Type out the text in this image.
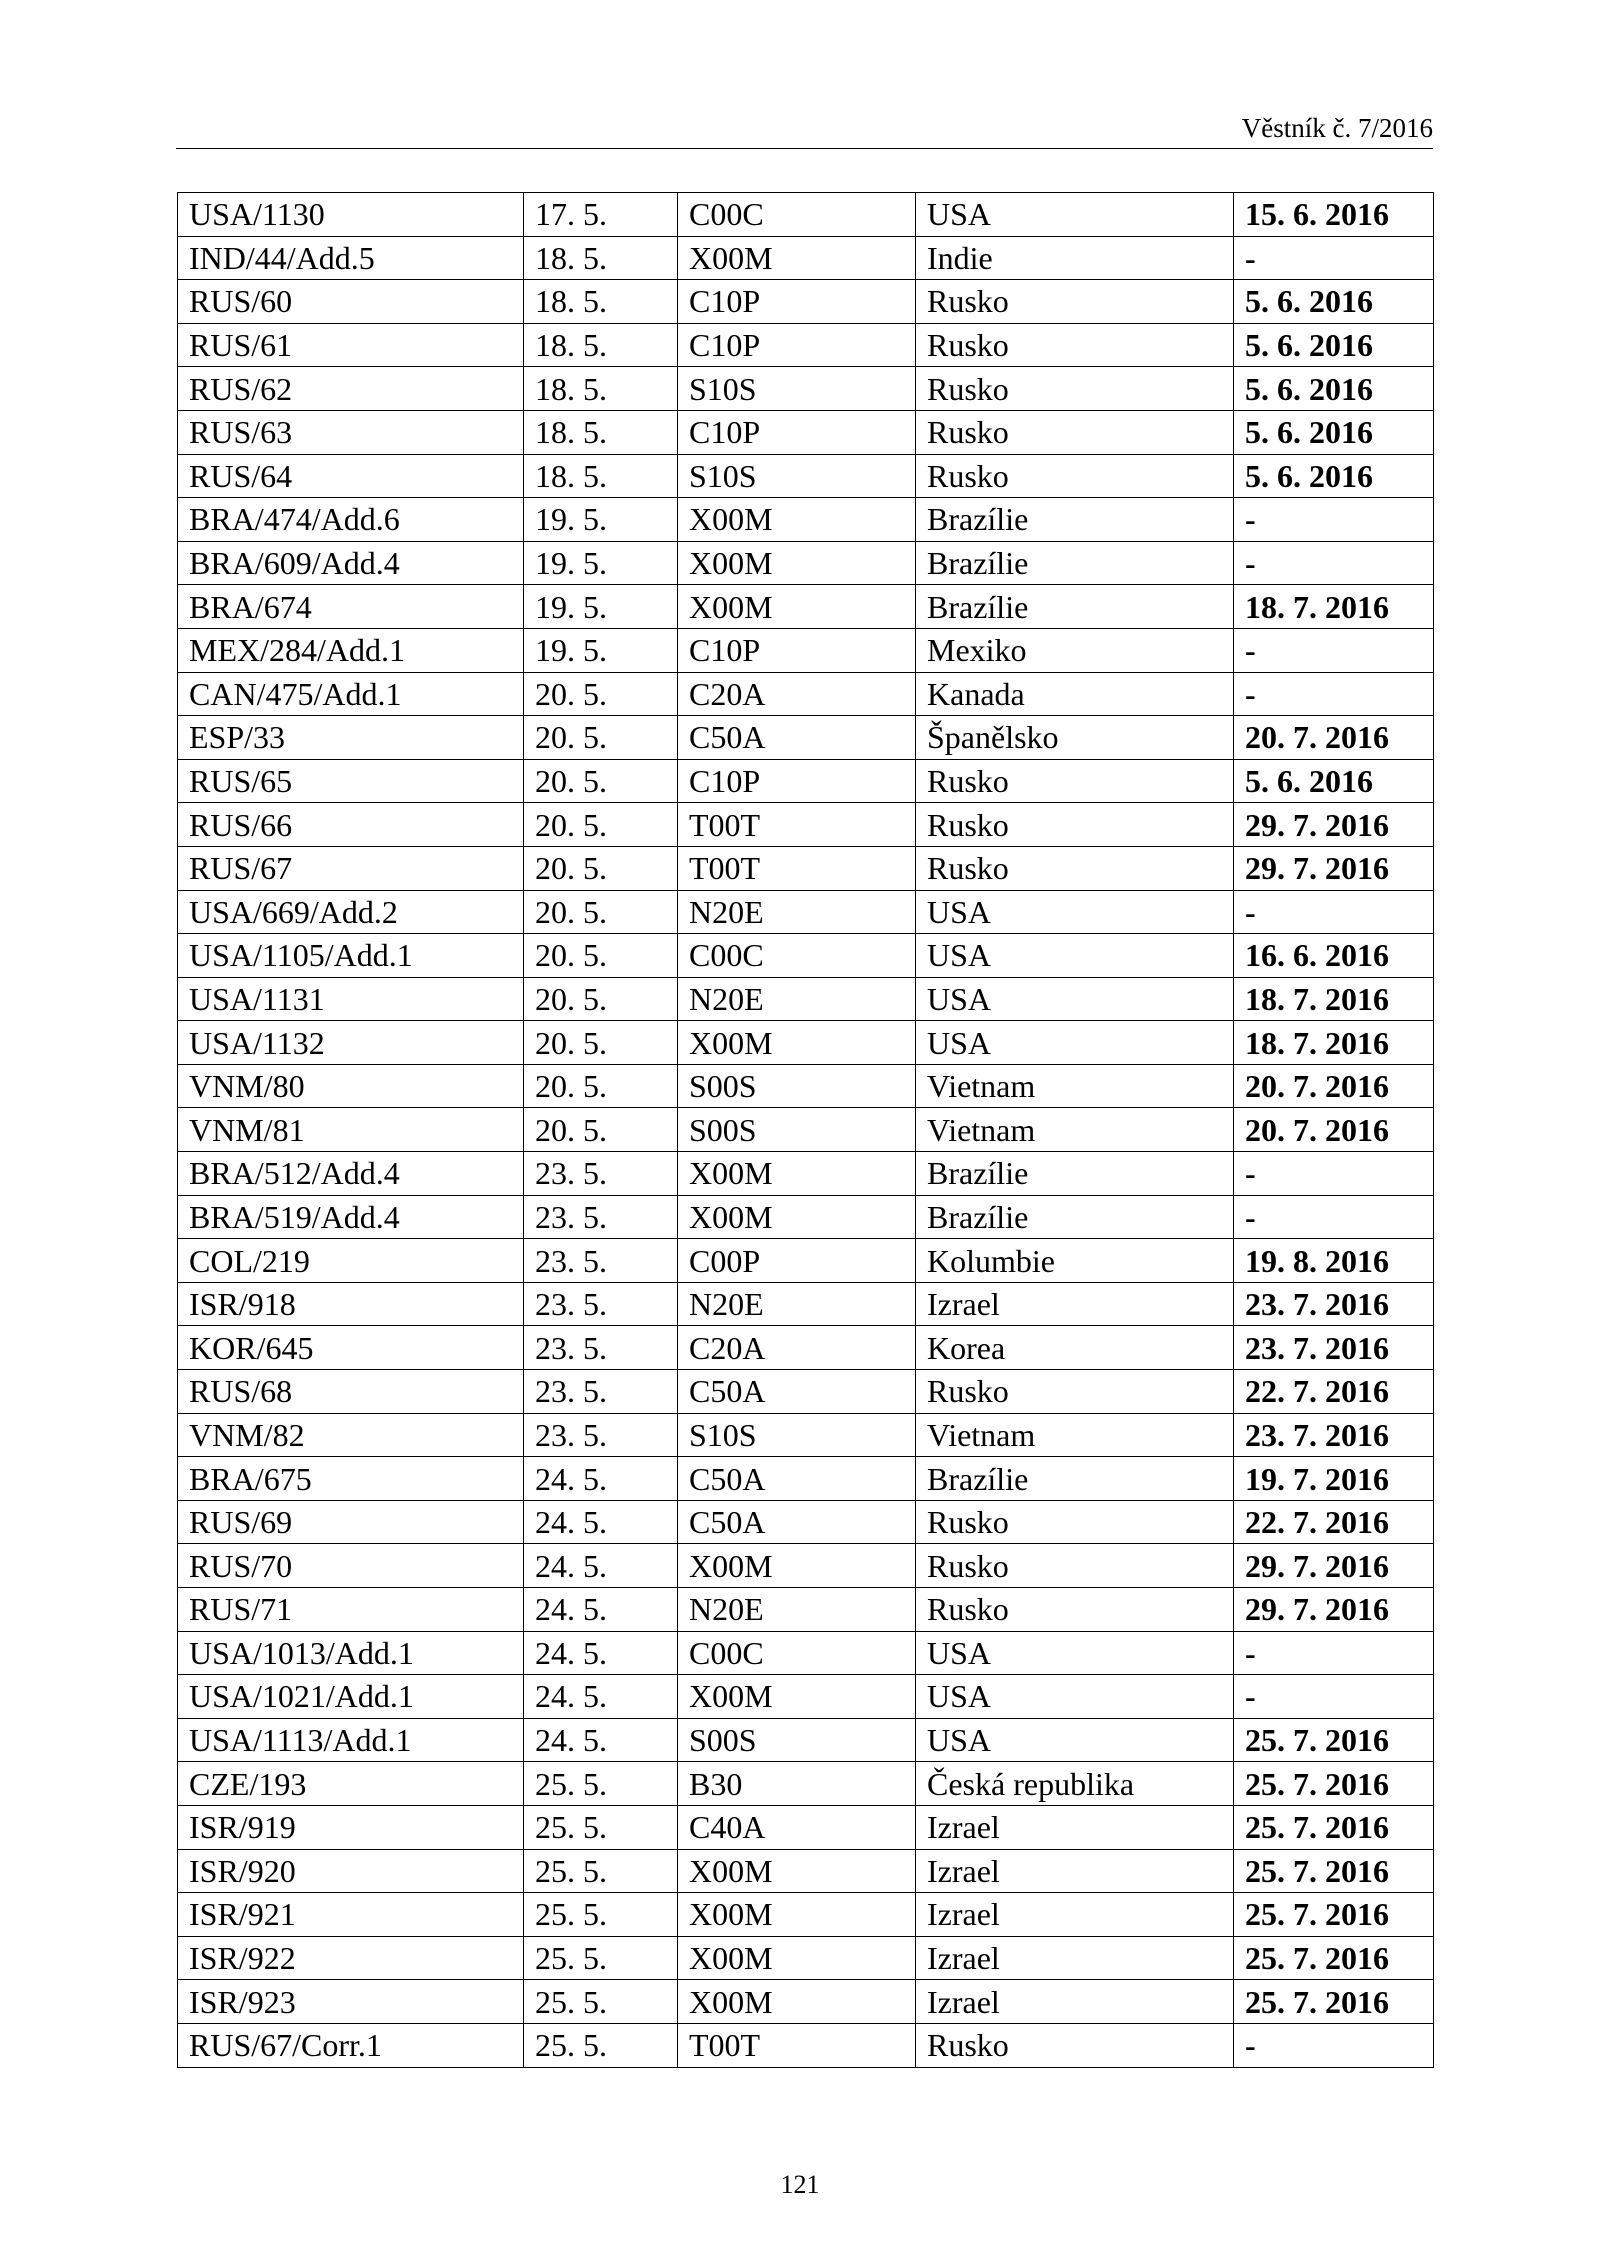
Věstník č. 7/2016
USA/1130	17. 5.	C00C	USA	15. 6. 2016
IND/44/Add.5	18. 5.	X00M	Indie	-
RUS/60	18. 5.	C10P	Rusko	5. 6. 2016
RUS/61	18. 5.	C10P	Rusko	5. 6. 2016
RUS/62	18. 5.	S10S	Rusko	5. 6. 2016
RUS/63	18. 5.	C10P	Rusko	5. 6. 2016
RUS/64	18. 5.	S10S	Rusko	5. 6. 2016
BRA/474/Add.6	19. 5.	X00M	Brazílie	-
BRA/609/Add.4	19. 5.	X00M	Brazílie	-
BRA/674	19. 5.	X00M	Brazílie	18. 7. 2016
MEX/284/Add.1	19. 5.	C10P	Mexiko	-
CAN/475/Add.1	20. 5.	C20A	Kanada	-
ESP/33	20. 5.	C50A	Španělsko	20. 7. 2016
RUS/65	20. 5.	C10P	Rusko	5. 6. 2016
RUS/66	20. 5.	T00T	Rusko	29. 7. 2016
RUS/67	20. 5.	T00T	Rusko	29. 7. 2016
USA/669/Add.2	20. 5.	N20E	USA	-
USA/1105/Add.1	20. 5.	C00C	USA	16. 6. 2016
USA/1131	20. 5.	N20E	USA	18. 7. 2016
USA/1132	20. 5.	X00M	USA	18. 7. 2016
VNM/80	20. 5.	S00S	Vietnam	20. 7. 2016
VNM/81	20. 5.	S00S	Vietnam	20. 7. 2016
BRA/512/Add.4	23. 5.	X00M	Brazílie	-
BRA/519/Add.4	23. 5.	X00M	Brazílie	-
COL/219	23. 5.	C00P	Kolumbie	19. 8. 2016
ISR/918	23. 5.	N20E	Izrael	23. 7. 2016
KOR/645	23. 5.	C20A	Korea	23. 7. 2016
RUS/68	23. 5.	C50A	Rusko	22. 7. 2016
VNM/82	23. 5.	S10S	Vietnam	23. 7. 2016
BRA/675	24. 5.	C50A	Brazílie	19. 7. 2016
RUS/69	24. 5.	C50A	Rusko	22. 7. 2016
RUS/70	24. 5.	X00M	Rusko	29. 7. 2016
RUS/71	24. 5.	N20E	Rusko	29. 7. 2016
USA/1013/Add.1	24. 5.	C00C	USA	-
USA/1021/Add.1	24. 5.	X00M	USA	-
USA/1113/Add.1	24. 5.	S00S	USA	25. 7. 2016
CZE/193	25. 5.	B30	Česká republika	25. 7. 2016
ISR/919	25. 5.	C40A	Izrael	25. 7. 2016
ISR/920	25. 5.	X00M	Izrael	25. 7. 2016
ISR/921	25. 5.	X00M	Izrael	25. 7. 2016
ISR/922	25. 5.	X00M	Izrael	25. 7. 2016
ISR/923	25. 5.	X00M	Izrael	25. 7. 2016
RUS/67/Corr.1	25. 5.	T00T	Rusko	-
121
